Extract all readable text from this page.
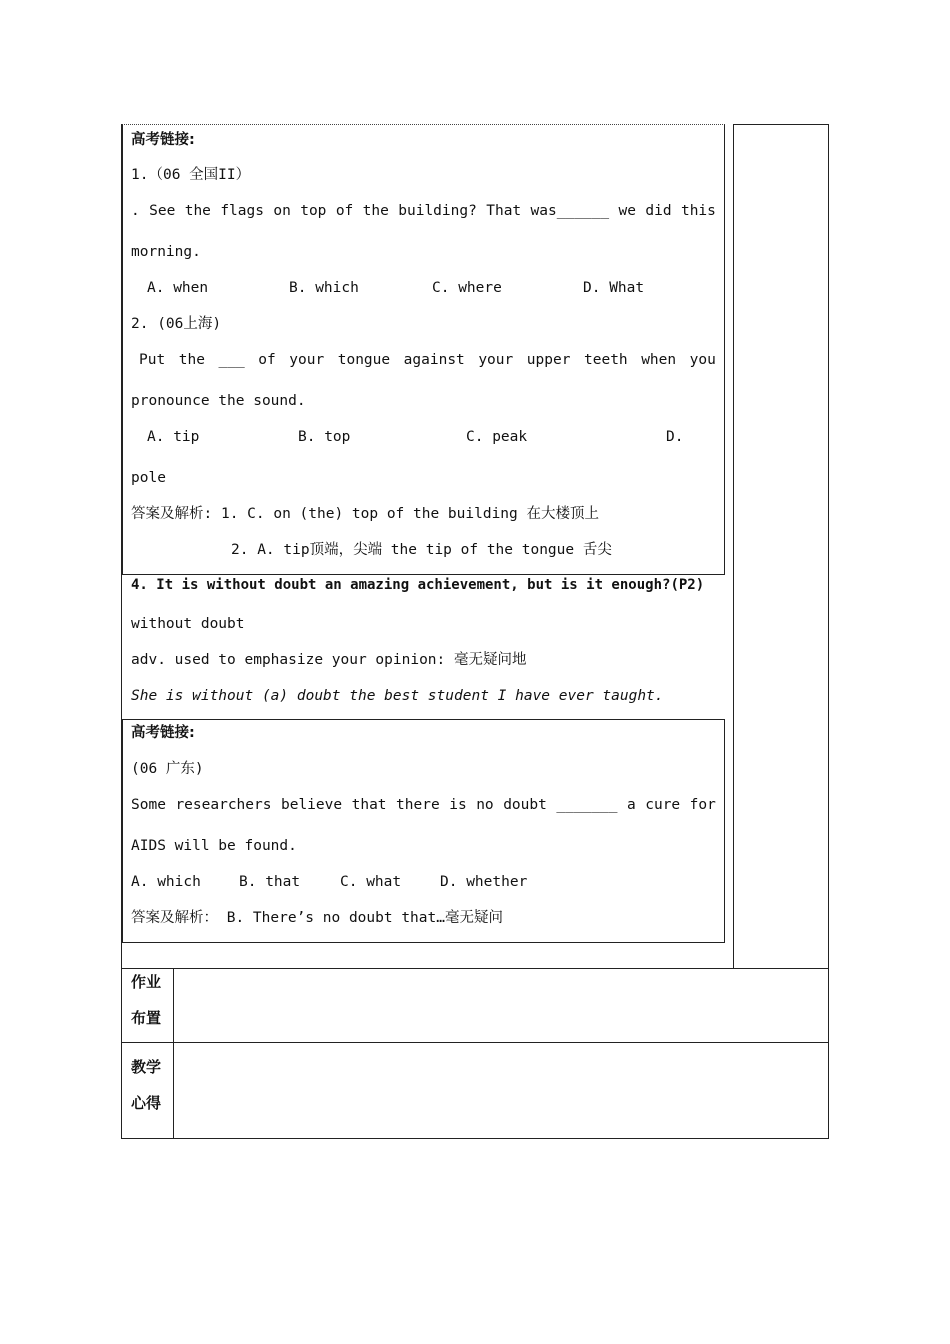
高考链接:
1.（06 全国II）
. See the flags on top of the building? That was______ we did this
morning.
A. when	B. which	C. where	D. What
2. (06上海)
Put the ___ of your tongue against your upper teeth when you
pronounce the sound.
A. tip	B. top	C. peak	D.
pole
答案及解析: 1. C. on (the) top of the building 在大楼顶上
2. A. tip顶端，尖端 the tip of the tongue 舌尖
4. It is without doubt an amazing achievement, but is it enough?(P2)
without doubt
adv. used to emphasize your opinion: 毫无疑问地
She is without (a) doubt the best student I have ever taught.
高考链接:
(06 广东)
Some researchers believe that there is no doubt _______ a cure for
AIDS will be found.
A. which	B. that	C. what	D. whether
答案及解析： B. There’s no doubt that…毫无疑问
作业
布置
教学
心得
